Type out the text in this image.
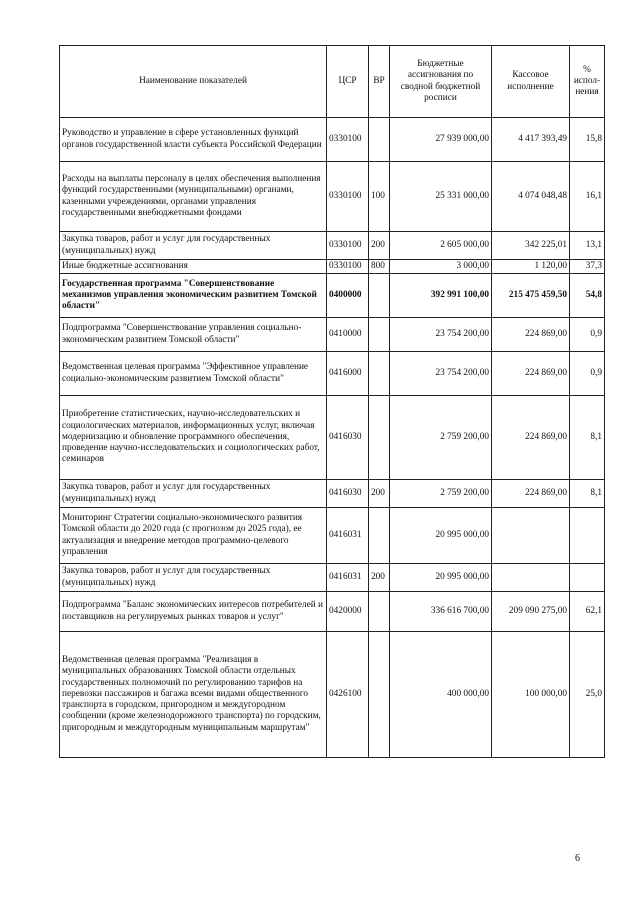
Наименование показателей	ЦСР	ВР	Бюджетные ассигнования по сводной бюджетной росписи	Кассовое исполнение	% испол-нения
Руководство и управление в сфере установленных функций органов государственной власти субъекта Российской Федерации	0330100		27 939 000,00	4 417 393,49	15,8
Расходы на выплаты персоналу в целях обеспечения выполнения функций государственными (муниципальными) органами, казенными учреждениями, органами управления государственными внебюджетными фондами	0330100	100	25 331 000,00	4 074 048,48	16,1
Закупка товаров, работ и услуг для государственных (муниципальных) нужд	0330100	200	2 605 000,00	342 225,01	13,1
Иные бюджетные ассигнования	0330100	800	3 000,00	1 120,00	37,3
Государственная программа "Совершенствование механизмов управления экономическим развитием Томской области"	0400000		392 991 100,00	215 475 459,50	54,8
Подпрограмма "Совершенствование управления социально-экономическим развитием Томской области"	0410000		23 754 200,00	224 869,00	0,9
Ведомственная целевая программа "Эффективное управление социально-экономическим развитием Томской области"	0416000		23 754 200,00	224 869,00	0,9
Приобретение статистических, научно-исследовательских и социологических материалов, информационных услуг, включая модернизацию и обновление программного обеспечения, проведение научно-исследовательских и социологических работ, семинаров	0416030		2 759 200,00	224 869,00	8,1
Закупка товаров, работ и услуг для государственных (муниципальных) нужд	0416030	200	2 759 200,00	224 869,00	8,1
Мониторинг Стратегии социально-экономического развития Томской области до 2020 года (с прогнозом до 2025 года), ее актуализация и внедрение методов программно-целевого управления	0416031		20 995 000,00		
Закупка товаров, работ и услуг для государственных (муниципальных) нужд	0416031	200	20 995 000,00		
Подпрограмма "Баланс экономических интересов потребителей и поставщиков на регулируемых рынках товаров и услуг"	0420000		336 616 700,00	209 090 275,00	62,1
Ведомственная целевая программа "Реализация в муниципальных образованиях Томской области отдельных государственных полномочий по регулированию тарифов на перевозки пассажиров и багажа всеми видами общественного транспорта в городском, пригородном и междугородном сообщении (кроме железнодорожного транспорта) по городским, пригородным и междугородным муниципальным маршрутам"	0426100		400 000,00	100 000,00	25,0
6
